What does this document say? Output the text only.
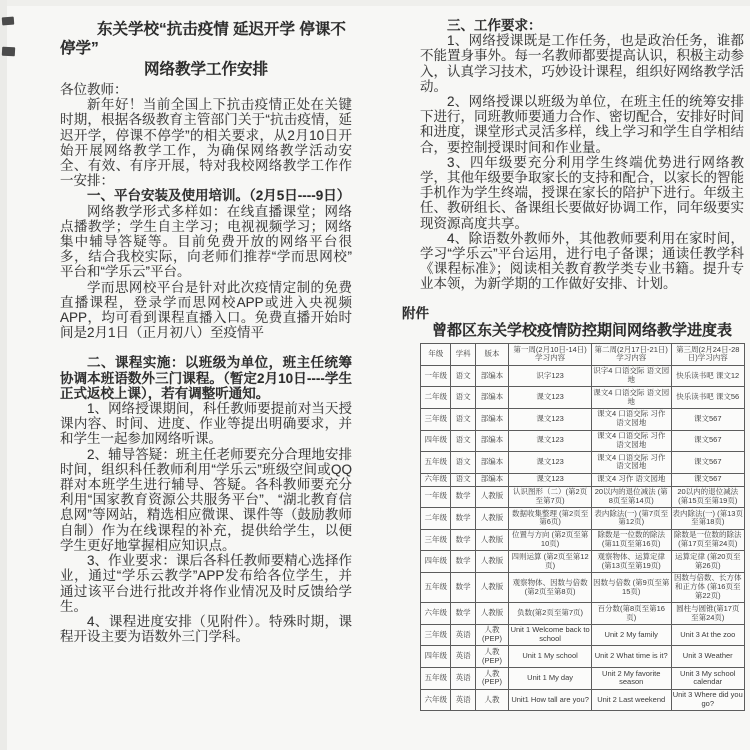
东关学校“抗击疫情 延迟开学 停课不停学”
网络教学工作安排

各位教师：

新年好！当前全国上下抗击疫情正处在关键时期，根据各级教育主管部门关于“抗击疫情，延迟开学，停课不停学”的相关要求，从2月10日开始开展网络教学工作，为确保网络教学活动安全、有效、有序开展，特对我校网络教学工作作一安排：

一、平台安装及使用培训。（2月5日----9日）

网络教学形式多样如：在线直播课堂；网络点播教学；学生自主学习；电视视频学习；网络集中辅导答疑等。目前免费开放的网络平台很多，结合我校实际，向老师们推荐“学而思网校”平台和“学乐云”平台。

学而思网校平台是针对此次疫情定制的免费直播课程，登录学而思网校APP或进入央视频APP，均可看到课程直播入口。免费直播开始时间是2月1日（正月初八）至疫情平

二、课程实施：以班级为单位，班主任统筹协调本班语数外三门课程。（暂定2月10日----学生正式返校上课），若有调整听通知。

1、网络授课期间，科任教师要提前对当天授课内容、时间、进度、作业等提出明确要求，并和学生一起参加网络听课。

2、辅导答疑：班主任老师要充分合理地安排时间，组织科任教师利用“学乐云”班级空间或QQ群对本班学生进行辅导、答疑。各科教师要充分利用“国家教育资源公共服务平台”、“湖北教育信息网”等网站，精选相应微课、课件等（鼓励教师自制）作为在线课程的补充，提供给学生，以便学生更好地掌握相应知识点。

3、作业要求：课后各科任教师要精心选择作业，通过“学乐云教学”APP发布给各位学生，并通过该平台进行批改并将作业情况及时反馈给学生。

4、课程进度安排（见附件）。特殊时期，课程开设主要为语数外三门学科。

三、工作要求：

1、网络授课既是工作任务，也是政治任务，谁都不能置身事外。每一名教师都要提高认识，积极主动参入，认真学习技术，巧妙设计课程，组织好网络教学活动。

2、网络授课以班级为单位，在班主任的统筹安排下进行，同班教师要通力合作、密切配合，安排好时间和进度，课堂形式灵活多样，线上学习和学生自学相结合，要控制授课时间和作业量。

3、四年级要充分利用学生终端优势进行网络教学，其他年级要争取家长的支持和配合，以家长的智能手机作为学生终端，授课在家长的陪护下进行。年级主任、教研组长、备课组长要做好协调工作，同年级要实现资源高度共享。

4、除语数外教师外，其他教师要利用在家时间，学习“学乐云”平台运用，进行电子备课；通读任教学科《课程标准》；阅读相关教育教学类专业书籍。提升专业本领，为新学期的工作做好安排、计划。

附件
曾都区东关学校疫情防控期间网络教学进度表
年级	学科	版本	第一周(2月10日-14日)学习内容	第二周(2月17日-21日)学习内容	第三周(2月24日-28日)学习内容
一年级	语文	部编本	识字123	识字4 口语交际 语文园地	快乐读书吧 课文12
二年级	语文	部编本	课文123	课文4 口语交际 语文园地	快乐读书吧 课文56
三年级	语文	部编本	课文123	课文4 口语交际 习作 语文园地	课文567
四年级	语文	部编本	课文123	课文4 口语交际 习作 语文园地	课文567
五年级	语文	部编本	课文123	课文4 口语交际 习作 语文园地	课文567
六年级	语文	部编本	课文123	课文4 习作 语文园地	课文567
一年级	数学	人教版	认识图形（二）(第2页至第7页)	20以内的退位减法 (第8页至第14页)	20以内的退位减法 (第15页至第19页)
二年级	数学	人教版	数据收集整理 (第2页至第6页)	表内除法(一) (第7页至第12页)	表内除法(一) (第13页至第18页)
三年级	数学	人教版	位置与方向 (第2页至第10页)	除数是一位数的除法 (第11页至第16页)	除数是一位数的除法 (第17页至第24页)
四年级	数学	人教版	四则运算 (第2页至第12页)	观察物体、运算定律 (第13页至第19页)	运算定律 (第20页至第26页)
五年级	数学	人教版	观察物体、因数与倍数 (第2页至第8页)	因数与倍数 (第9页至第15页)	因数与倍数、长方体和正方体 (第16页至第22页)
六年级	数学	人教版	负数(第2页至第7页)	百分数(第8页至第16页)	圆柱与圆锥(第17页至第24页)
三年级	英语	人教(PEP)	Unit 1 Welcome back to school	Unit 2 My family	Unit 3 At the zoo
四年级	英语	人教(PEP)	Unit 1 My school	Unit 2 What time is it?	Unit 3 Weather
五年级	英语	人教(PEP)	Unit 1 My day	Unit 2 My favorite season	Unit 3 My school calendar
六年级	英语	人教	Unit1 How tall are you?	Unit 2 Last weekend	Unit 3 Where did you go?
